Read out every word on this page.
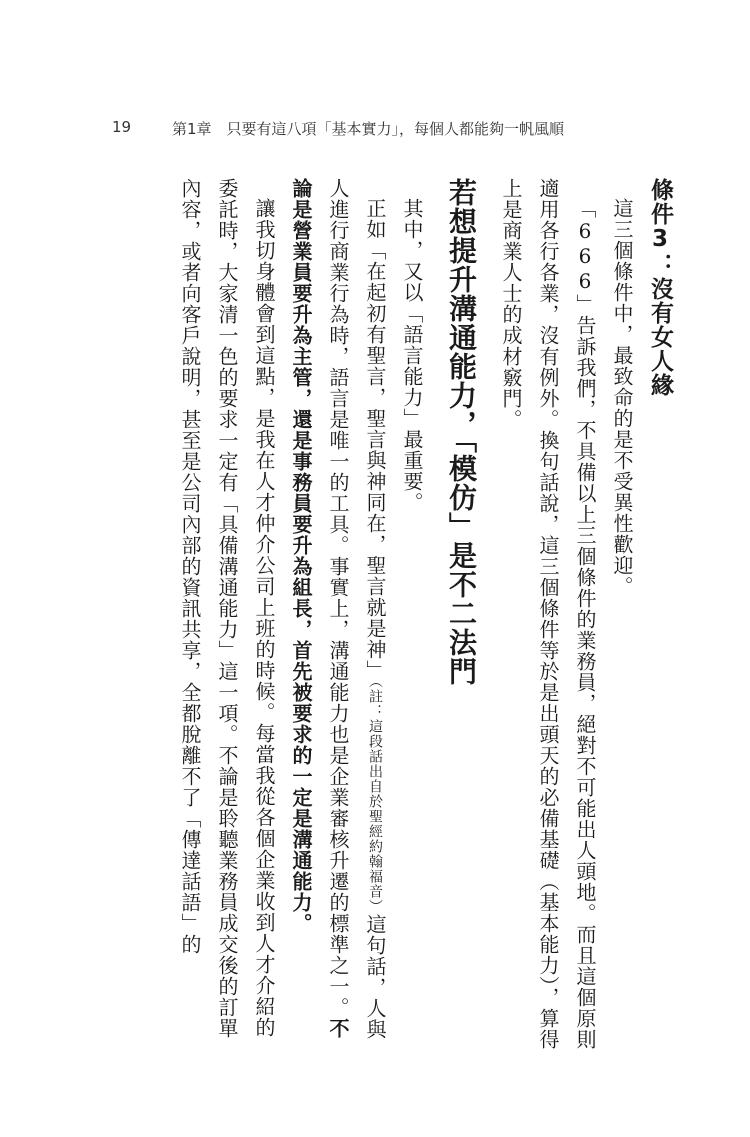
19	第1章　只要有這八項「基本實力」，每個人都能夠一帆風順

條件3：沒有女人緣

這三個條件中，最致命的是不受異性歡迎。

「666」告訴我們，不具備以上三個條件的業務員，絕對不可能出人頭地。而且這個原則適用各行各業，沒有例外。換句話說，這三個條件等於是出頭天的必備基礎（基本能力），算得上是商業人士的成材竅門。

若想提升溝通能力，「模仿」是不二法門

其中，又以「語言能力」最重要。

正如「在起初有聖言，聖言與神同在，聖言就是神」（註：這段話出自於聖經約翰福音）這句話，人與人進行商業行為時，語言是唯一的工具。事實上，溝通能力也是企業審核升遷的標準之一。不論是營業員要升為主管，還是事務員要升為組長，首先被要求的一定是溝通能力。

讓我切身體會到這點，是我在人才仲介公司上班的時候。每當我從各個企業收到人才介紹的委託時，大家清一色的要求一定有「具備溝通能力」這一項。不論是聆聽業務員成交後的訂單內容，或者向客戶說明，甚至是公司內部的資訊共享，全都脫離不了「傳達話語」的
